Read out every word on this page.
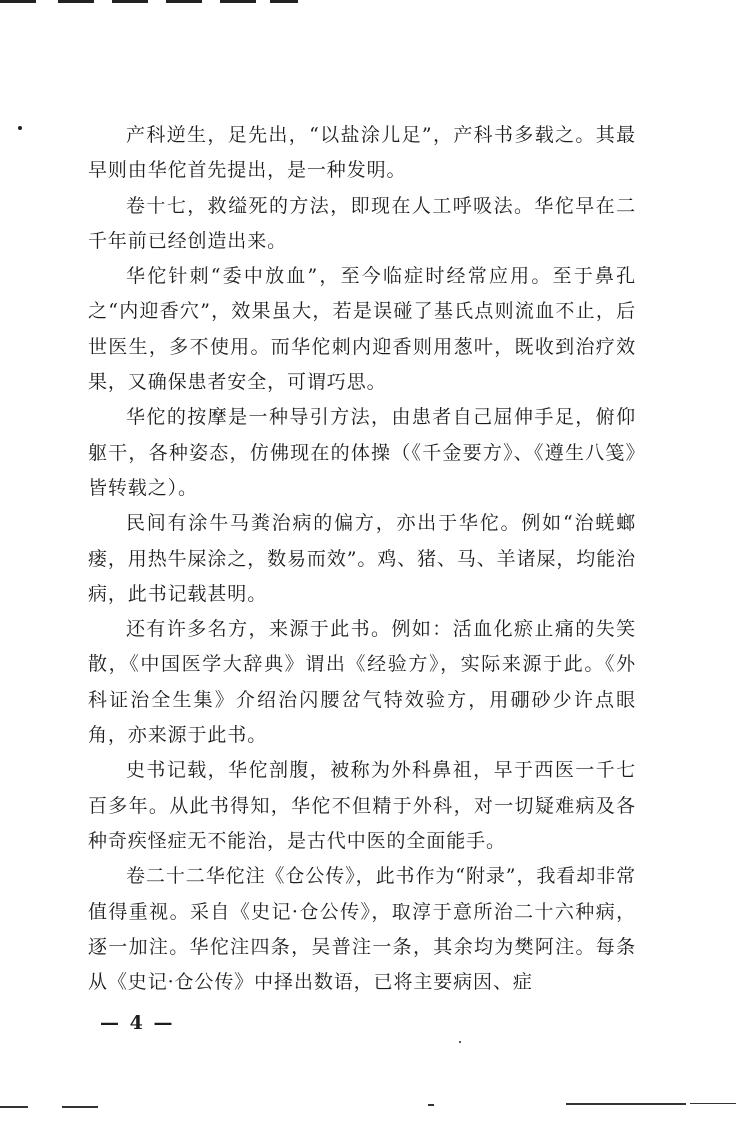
产科逆生，足先出，“以盐涂儿足”，产科书多载之。其最早则由华佗首先提出，是一种发明。

卷十七，救缢死的方法，即现在人工呼吸法。华佗早在二千年前已经创造出来。

华佗针刺“委中放血”，至今临症时经常应用。至于鼻孔之“内迎香穴”，效果虽大，若是误碰了基氏点则流血不止，后世医生，多不使用。而华佗刺内迎香则用葱叶，既收到治疗效果，又确保患者安全，可谓巧思。

华佗的按摩是一种导引方法，由患者自己屈伸手足，俯仰躯干，各种姿态，仿佛现在的体操（《千金要方》、《遵生八笺》皆转载之）。

民间有涂牛马粪治病的偏方，亦出于华佗。例如“治蜣螂瘘，用热牛屎涂之，数易而效”。鸡、猪、马、羊诸屎，均能治病，此书记载甚明。

还有许多名方，来源于此书。例如：活血化瘀止痛的失笑散，《中国医学大辞典》谓出《经验方》，实际来源于此。《外科证治全生集》介绍治闪腰岔气特效验方，用硼砂少许点眼角，亦来源于此书。

史书记载，华佗剖腹，被称为外科鼻祖，早于西医一千七百多年。从此书得知，华佗不但精于外科，对一切疑难病及各种奇疾怪症无不能治，是古代中医的全面能手。

卷二十二华佗注《仓公传》，此书作为“附录”，我看却非常值得重视。采自《史记·仓公传》，取淳于意所治二十六种病，逐一加注。华佗注四条，吴普注一条，其余均为樊阿注。每条从《史记·仓公传》中择出数语，已将主要病因、症

— 4 —
